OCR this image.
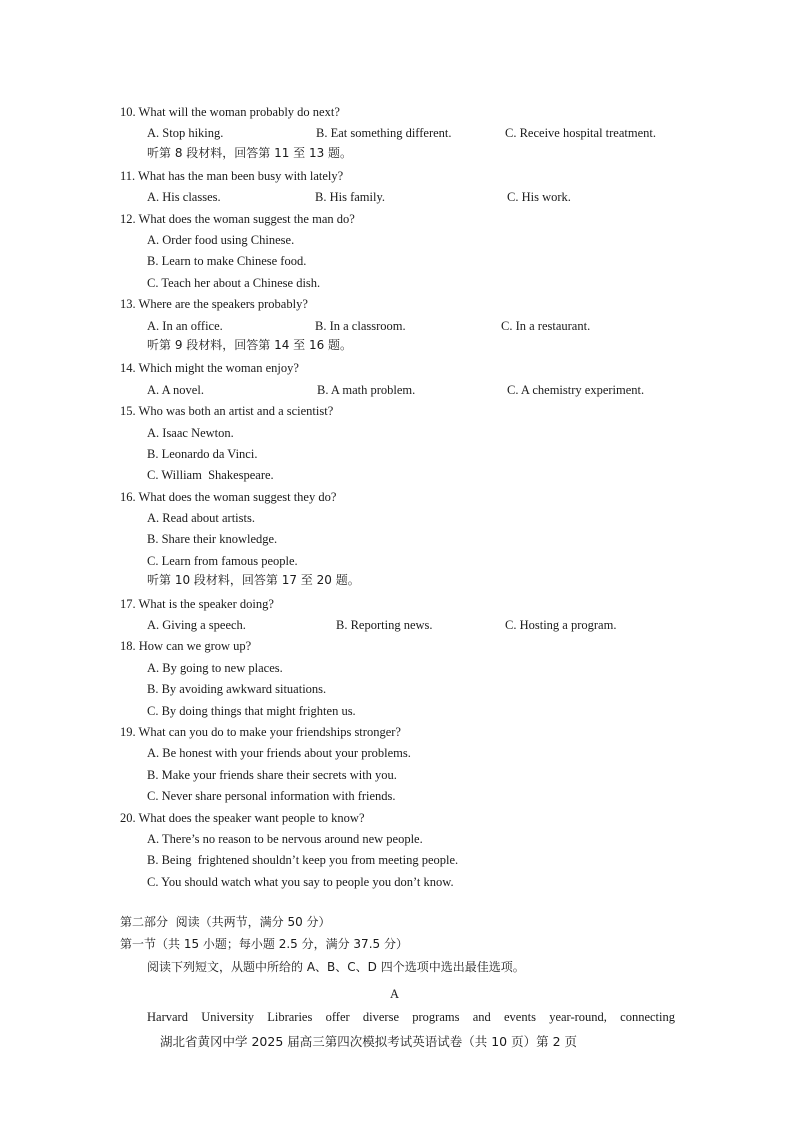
10. What will the woman probably do next?
A. Stop hiking.	B. Eat something different.	C. Receive hospital treatment.
听第 8 段材料，回答第 11 至 13 题。
11. What has the man been busy with lately?
A. His classes.	B. His family.	C. His work.
12. What does the woman suggest the man do?
A. Order food using Chinese.
B. Learn to make Chinese food.
C. Teach her about a Chinese dish.
13. Where are the speakers probably?
A. In an office.	B. In a classroom.	C. In a restaurant.
听第 9 段材料，回答第 14 至 16 题。
14. Which might the woman enjoy?
A. A novel.	B. A math problem.	C. A chemistry experiment.
15. Who was both an artist and a scientist?
A. Isaac Newton.
B. Leonardo da Vinci.
C. William  Shakespeare.
16. What does the woman suggest they do?
A. Read about artists.
B. Share their knowledge.
C. Learn from famous people.
听第 10 段材料，回答第 17 至 20 题。
17. What is the speaker doing?
A. Giving a speech.	B. Reporting news.	C. Hosting a program.
18. How can we grow up?
A. By going to new places.
B. By avoiding awkward situations.
C. By doing things that might frighten us.
19. What can you do to make your friendships stronger?
A. Be honest with your friends about your problems.
B. Make your friends share their secrets with you.
C. Never share personal information with friends.
20. What does the speaker want people to know?
A. There’s no reason to be nervous around new people.
B. Being  frightened shouldn’t keep you from meeting people.
C. You should watch what you say to people you don’t know.
第二部分  阅读（共两节，满分 50 分）
第一节（共 15 小题；每小题 2.5 分，满分 37.5 分）
阅读下列短文，从题中所给的 A、B、C、D 四个选项中选出最佳选项。
A
Harvard University Libraries offer diverse programs and events year-round, connecting
湖北省黄冈中学 2025 届高三第四次模拟考试英语试卷（共 10 页）第 2 页
